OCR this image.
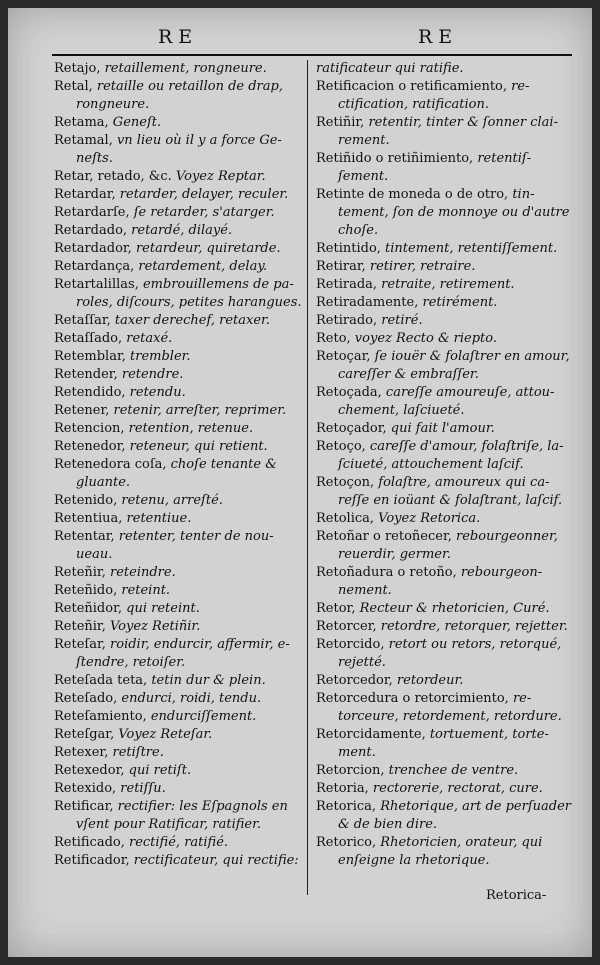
RE	RE
Retajo, retaillement, rongneure.
Retal, retaille ou retaillon de drap,
rongneure.
Retama, Geneſt.
Retamal, vn lieu où il y a force Ge-
neſts.
Retar, retado, &c. Voyez Reptar.
Retardar, retarder, delayer, reculer.
Retardarſe, ſe retarder, s'atarger.
Retardado, retardé, dilayé.
Retardador, retardeur, quiretarde.
Retardança, retardement, delay.
Retartalillas, embrouillemens de pa-
roles, diſcours, petites harangues.
Retaſſar, taxer derechef, retaxer.
Retaſſado, retaxé.
Retemblar, trembler.
Retender, retendre.
Retendido, retendu.
Retener, retenir, arreſter, reprimer.
Retencion, retention, retenue.
Retenedor, reteneur, qui retient.
Retenedora coſa, choſe tenante &
gluante.
Retenido, retenu, arreſté.
Retentiua, retentiue.
Retentar, retenter, tenter de nou-
ueau.
Reteñir, reteindre.
Reteñido, reteint.
Reteñidor, qui reteint.
Reteñir, Voyez Retiñir.
Reteſar, roidir, endurcir, affermir, e-
ſtendre, retoiſer.
Reteſada teta, tetin dur & plein.
Reteſado, endurci, roidi, tendu.
Reteſamiento, endurciſſement.
Reteſgar, Voyez Reteſar.
Retexer, retiſtre.
Retexedor, qui retiſt.
Retexido, retiſſu.
Retificar, rectifier: les Eſpagnols en
vſent pour Ratificar, ratifier.
Retificado, rectifié, ratifié.
Retificador, rectificateur, qui rectifie:
ratificateur qui ratifie.
Retificacion o retificamiento, re-
ctification, ratification.
Retiñir, retentir, tinter & ſonner clai-
rement.
Retiñido o retiñimiento, retentiſ-
ſement.
Retinte de moneda o de otro, tin-
tement, ſon de monnoye ou d'autre choſe.
Retintido, tintement, retentiſſement.
Retirar, retirer, retraire.
Retirada, retraite, retirement.
Retiradamente, retirément.
Retirado, retiré.
Reto, voyez Recto & riepto.
Retoçar, ſe iouër & folaſtrer en amour,
careſſer & embraſſer.
Retoçada, careſſe amoureuſe, attou-
chement, laſciueté.
Retoçador, qui fait l'amour.
Retoço, careſſe d'amour, folaſtriſe, la-
ſciueté, attouchement laſcif.
Retoçon, folaſtre, amoureux qui ca-
reſſe en ioüant & folaſtrant, laſcif.
Retolica, Voyez Retorica.
Retoñar o retoñecer, rebourgeonner,
reuerdir, germer.
Retoñadura o retoño, rebourgeon-
nement.
Retor, Recteur & rhetoricien, Curé.
Retorcer, retordre, retorquer, rejetter.
Retorcido, retort ou retors, retorqué,
rejetté.
Retorcedor, retordeur.
Retorcedura o retorcimiento, re-
torceure, retordement, retordure.
Retorcidamente, tortuement, torte-
ment.
Retorcion, trenchee de ventre.
Retoria, rectorerie, rectorat, cure.
Retorica, Rhetorique, art de perſuader
& de bien dire.
Retorico, Rhetoricien, orateur, qui
enſeigne la rhetorique.
Retorica-
